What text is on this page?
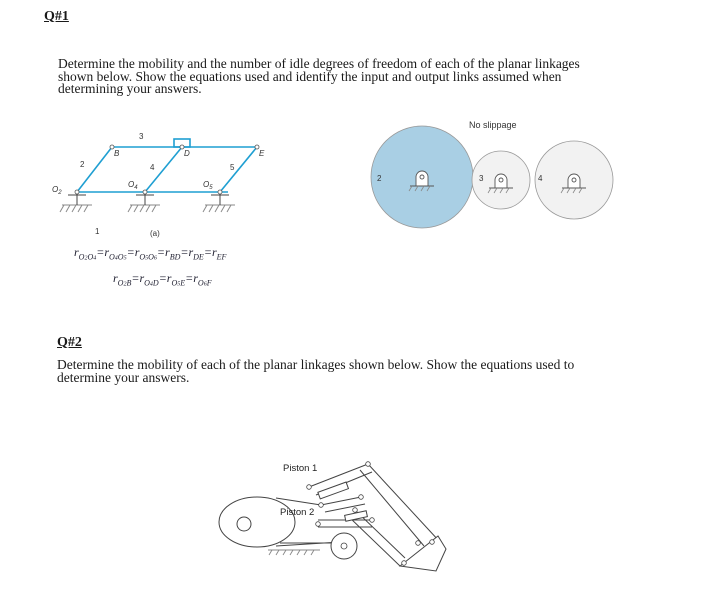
Q#1
Determine the mobility and the number of idle degrees of freedom of each of the planar linkages
shown below. Show the equations used and identify the input and output links assumed when
determining your answers.
3
2	4	5
1
B	D	E
$O_2$
$O_4$	$O_5$
(a)
$r_{O2O4}=r_{O4O5}=r_{O5O6}=r_{BD}=r_{DE}=r_{EF}$
$r_{O2B}=r_{O4D}=r_{O5E}=r_{O6F}$
No slippage
2	3	4
Q#2
Determine the mobility of each of the planar linkages shown below. Show the equations used to
determine your answers.
Piston 1
Piston 2
